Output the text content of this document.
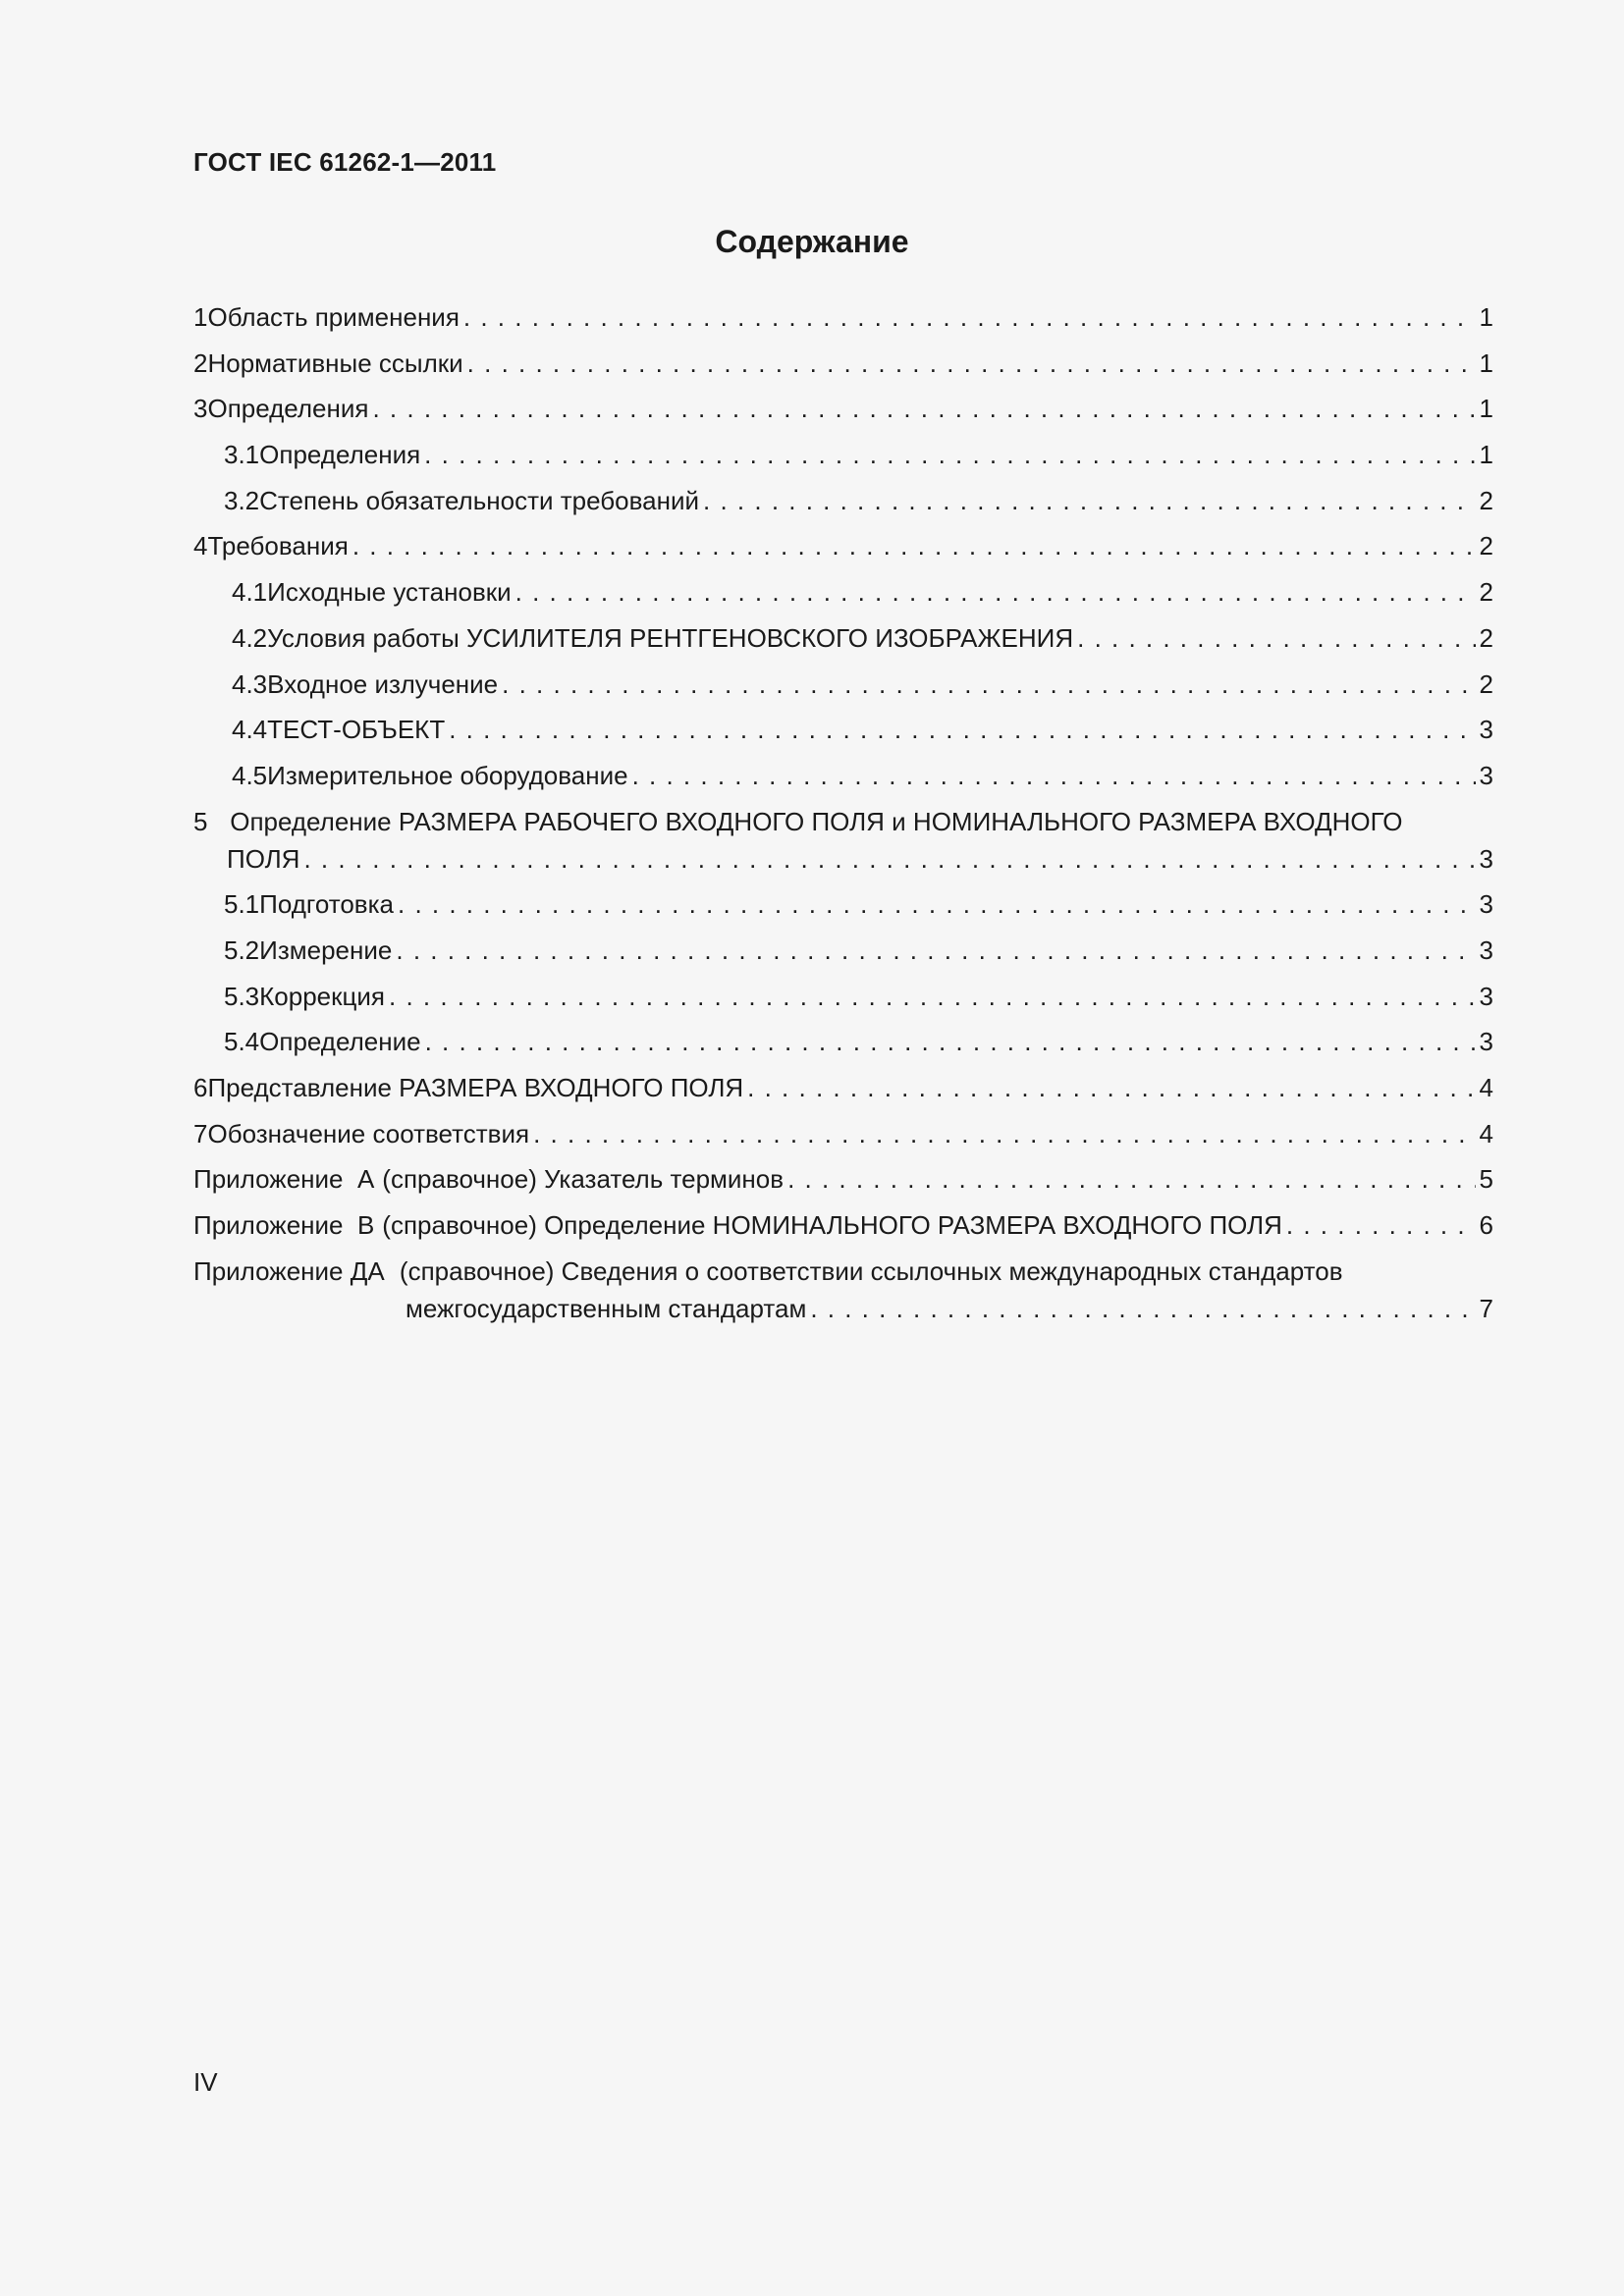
ГОСТ IEC 61262-1—2011
Содержание
1 Область применения . . .	1
2 Нормативные ссылки . . .	1
3 Определения . . .	1
3.1 Определения . . .	1
3.2 Степень обязательности требований . . .	2
4 Требования . . .	2
4.1 Исходные установки . . .	2
4.2 Условия работы УСИЛИТЕЛЯ РЕНТГЕНОВСКОГО ИЗОБРАЖЕНИЯ . . .	2
4.3 Входное излучение . . .	2
4.4 ТЕСТ-ОБЪЕКТ . . .	3
4.5 Измерительное оборудование . . .	3
5 Определение РАЗМЕРА РАБОЧЕГО ВХОДНОГО ПОЛЯ и НОМИНАЛЬНОГО РАЗМЕРА ВХОДНОГО
ПОЛЯ . . .	3
5.1 Подготовка . . .	3
5.2 Измерение . . .	3
5.3 Коррекция . . .	3
5.4 Определение . . .	3
6 Представление РАЗМЕРА ВХОДНОГО ПОЛЯ . . .	4
7 Обозначение соответствия . . .	4
Приложение  А (справочное) Указатель терминов . . .	5
Приложение  В (справочное) Определение НОМИНАЛЬНОГО РАЗМЕРА ВХОДНОГО ПОЛЯ . . .	6
Приложение ДА (справочное) Сведения о соответствии ссылочных международных стандартов
межгосударственным стандартам . . .	7
IV
